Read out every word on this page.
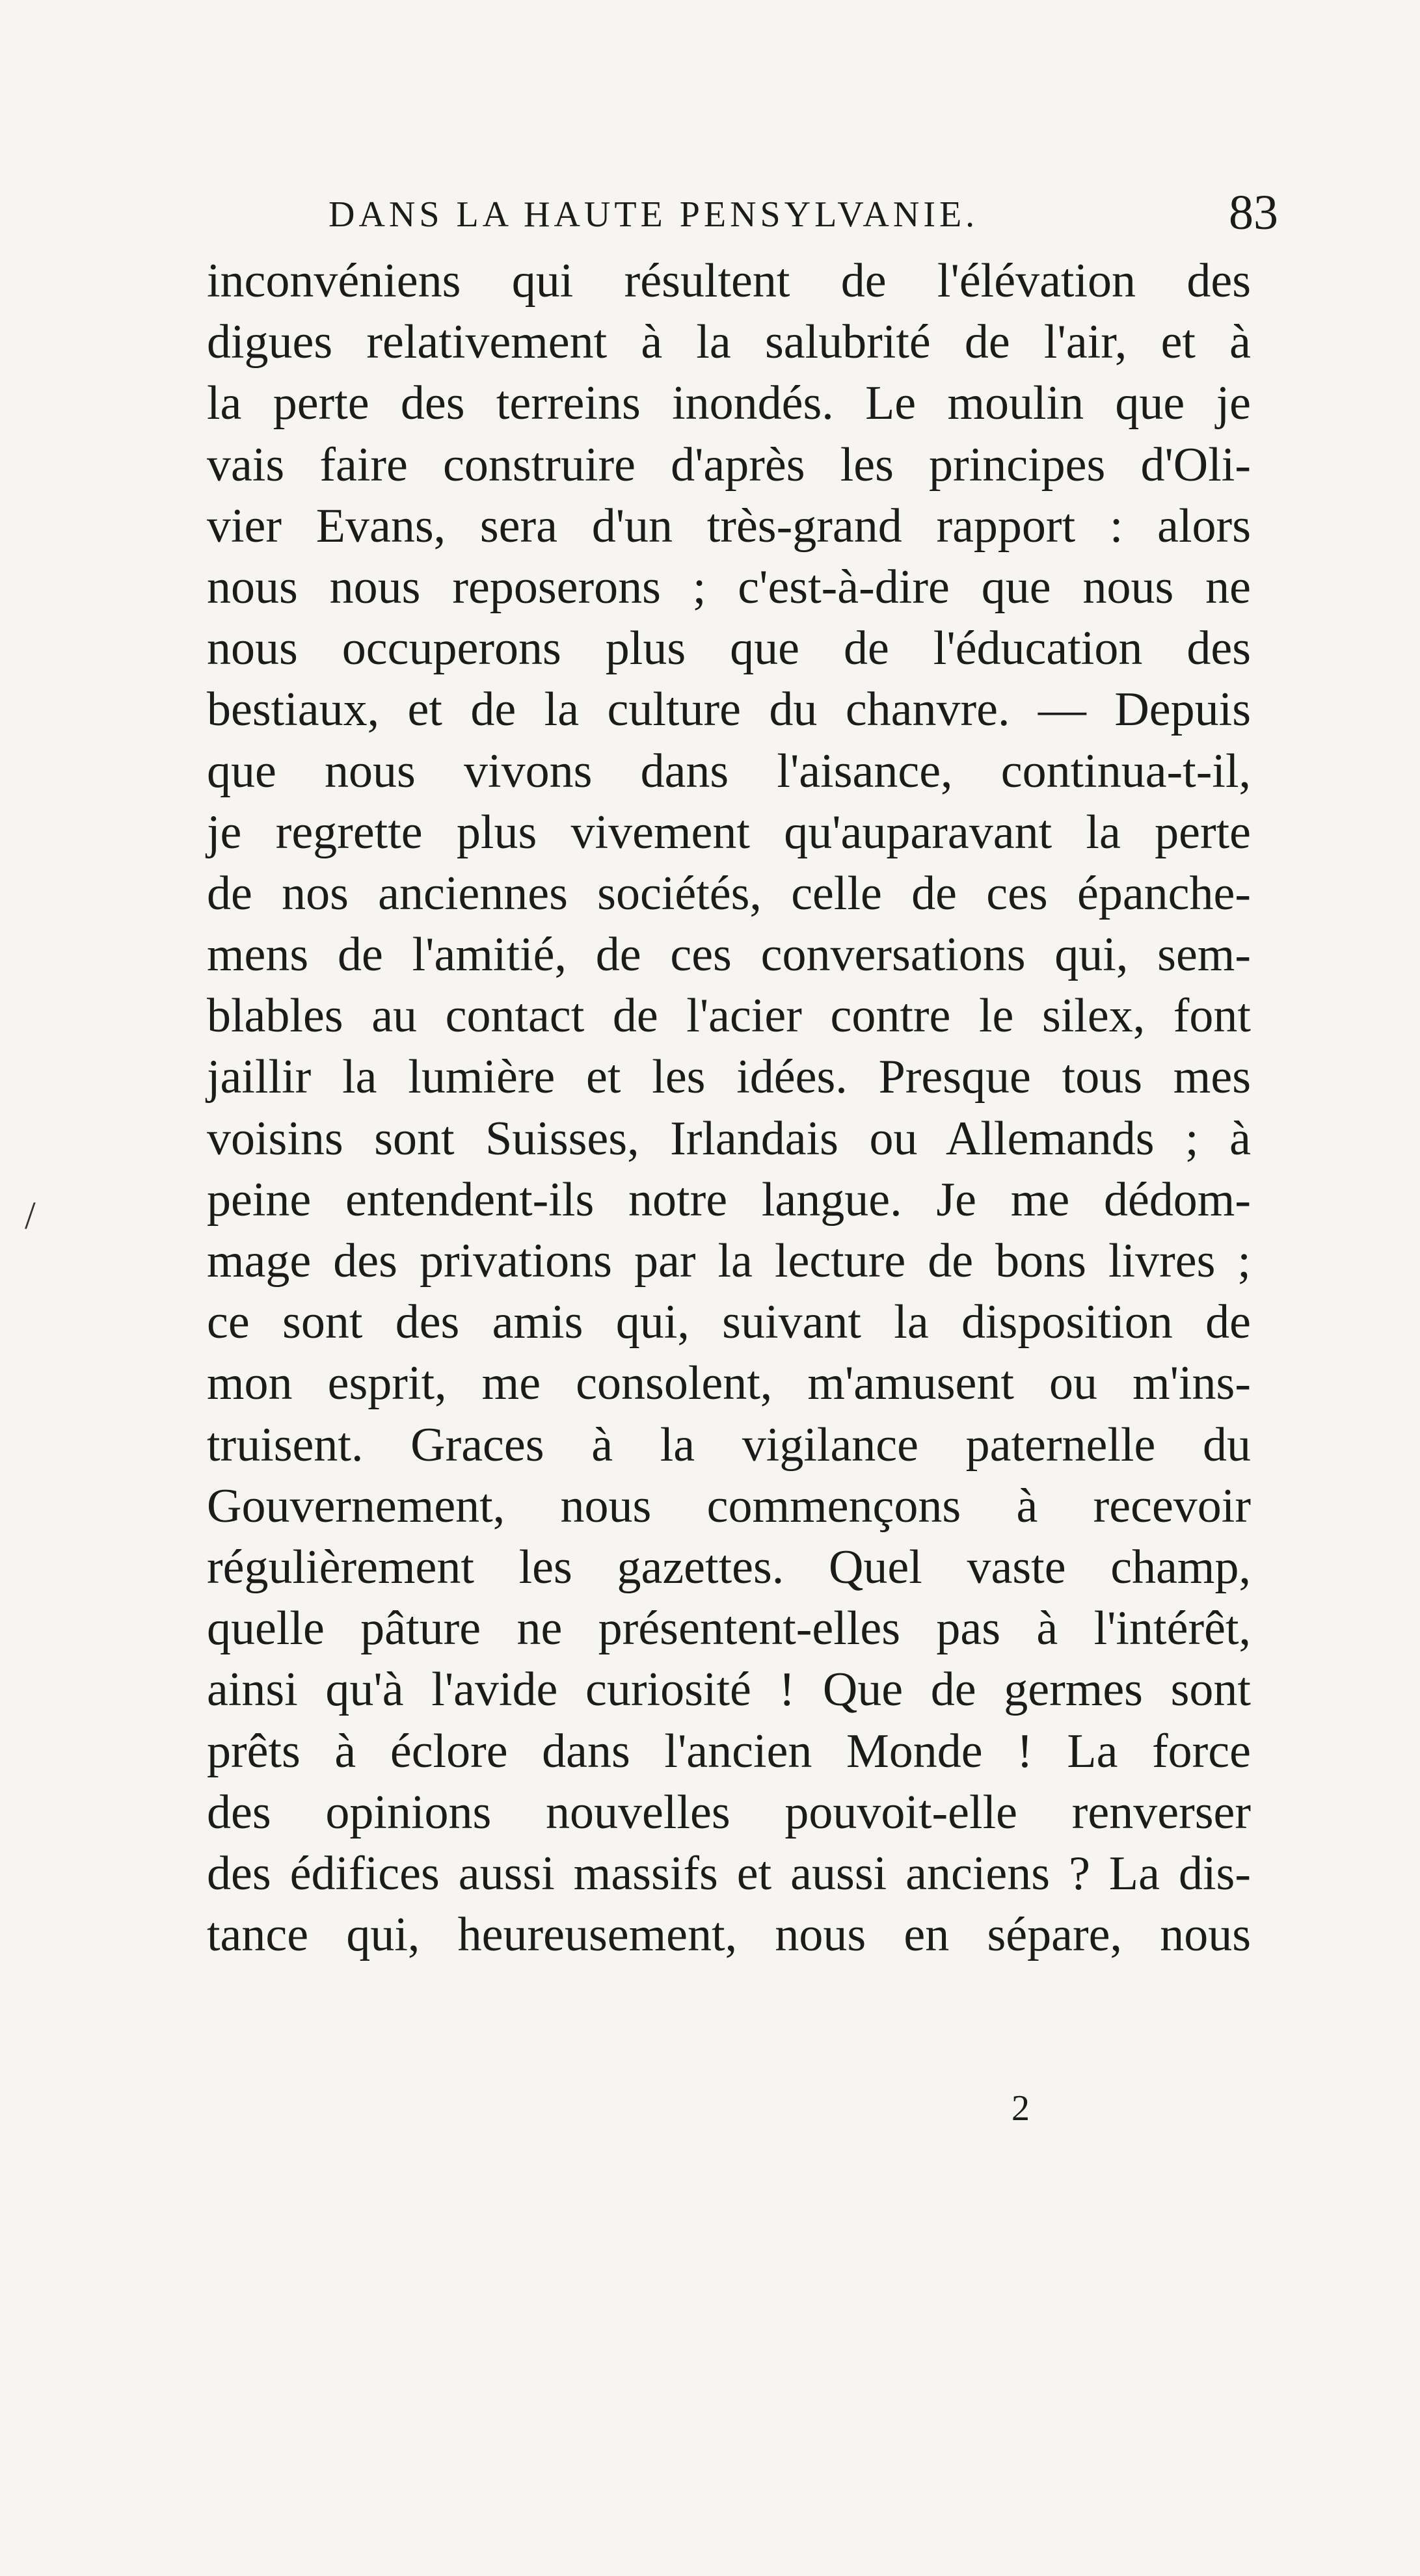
DANS LA HAUTE PENSYLVANIE.	83
inconvéniens qui résultent de l'élévation des
digues relativement à la salubrité de l'air, et à
la perte des terreins inondés. Le moulin que je
vais faire construire d'après les principes d'Oli-
vier Evans, sera d'un très-grand rapport : alors
nous nous reposerons ; c'est-à-dire que nous ne
nous occuperons plus que de l'éducation des
bestiaux, et de la culture du chanvre. — Depuis
que nous vivons dans l'aisance, continua-t-il,
je regrette plus vivement qu'auparavant la perte
de nos anciennes sociétés, celle de ces épanche-
mens de l'amitié, de ces conversations qui, sem-
blables au contact de l'acier contre le silex, font
jaillir la lumière et les idées. Presque tous mes
voisins sont Suisses, Irlandais ou Allemands ; à
peine entendent-ils notre langue. Je me dédom-
mage des privations par la lecture de bons livres ;
ce sont des amis qui, suivant la disposition de
mon esprit, me consolent, m'amusent ou m'ins-
truisent. Graces à la vigilance paternelle du
Gouvernement, nous commençons à recevoir
régulièrement les gazettes. Quel vaste champ,
quelle pâture ne présentent-elles pas à l'intérêt,
ainsi qu'à l'avide curiosité ! Que de germes sont
prêts à éclore dans l'ancien Monde ! La force
des opinions nouvelles pouvoit-elle renverser
des édifices aussi massifs et aussi anciens ? La dis-
tance qui, heureusement, nous en sépare, nous
2
/
